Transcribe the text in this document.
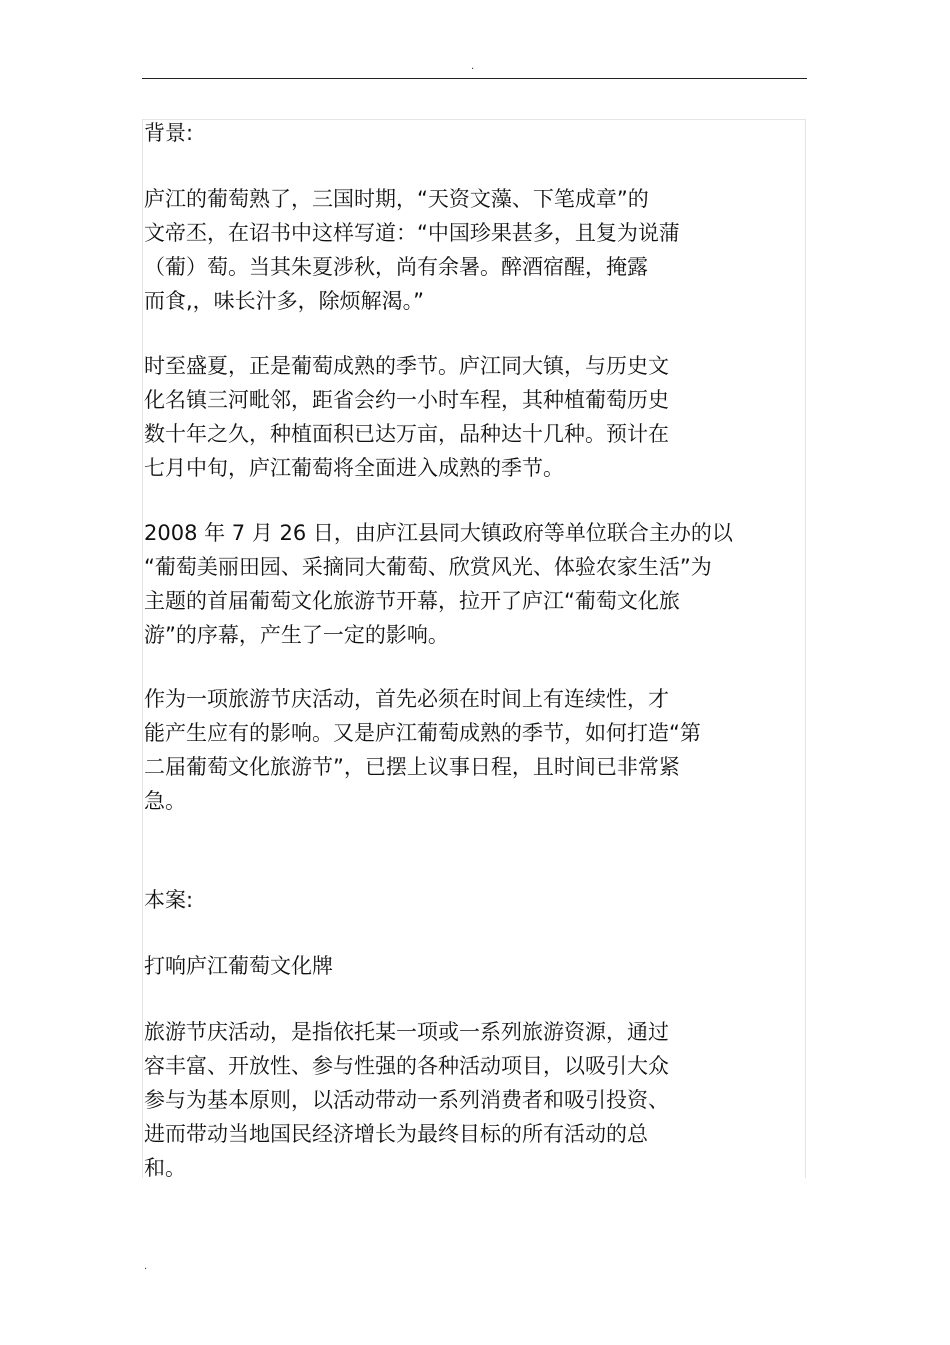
.

背景:

庐江的葡萄熟了，三国时期，“天资文藻、下笔成章”的

文帝丕，在诏书中这样写道：“中国珍果甚多，且复为说蒲

（葡）萄。当其朱夏涉秋，尚有余暑。醉酒宿醒，掩露

而食,，味长汁多，除烦解渴。”

时至盛夏，正是葡萄成熟的季节。庐江同大镇，与历史文

化名镇三河毗邻，距省会约一小时车程，其种植葡萄历史

数十年之久，种植面积已达万亩，品种达十几种。预计在

七月中旬，庐江葡萄将全面进入成熟的季节。

2008 年 7 月 26 日，由庐江县同大镇政府等单位联合主办的以

“葡萄美丽田园、采摘同大葡萄、欣赏风光、体验农家生活”为

主题的首届葡萄文化旅游节开幕，拉开了庐江“葡萄文化旅

游”的序幕，产生了一定的影响。

作为一项旅游节庆活动，首先必须在时间上有连续性，才

能产生应有的影响。又是庐江葡萄成熟的季节，如何打造“第

二届葡萄文化旅游节”，已摆上议事日程，且时间已非常紧

急。

本案:

打响庐江葡萄文化牌

旅游节庆活动，是指依托某一项或一系列旅游资源，通过

容丰富、开放性、参与性强的各种活动项目，以吸引大众

参与为基本原则，以活动带动一系列消费者和吸引投资、

进而带动当地国民经济增长为最终目标的所有活动的总

和。

.
